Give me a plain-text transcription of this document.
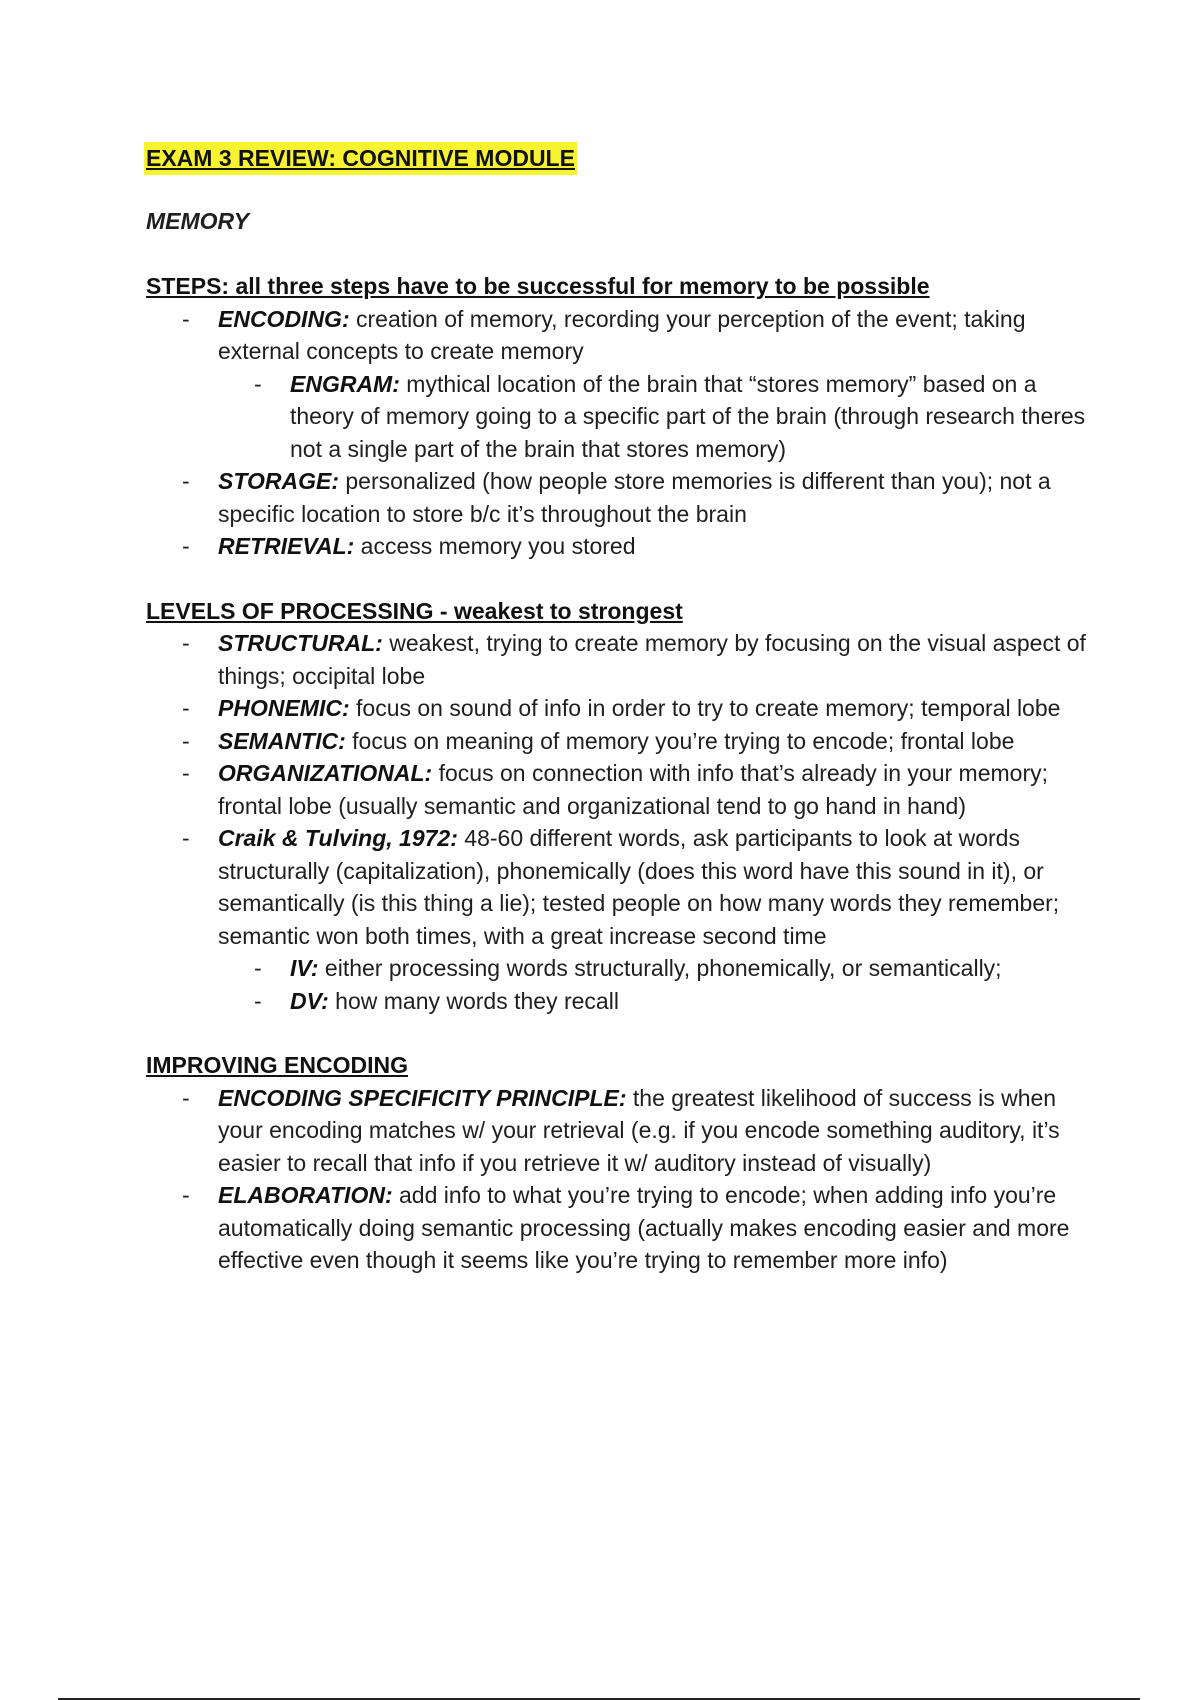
EXAM 3 REVIEW: COGNITIVE MODULE
MEMORY
STEPS: all three steps have to be successful for memory to be possible
- ENCODING: creation of memory, recording your perception of the event; taking external concepts to create memory
- ENGRAM: mythical location of the brain that “stores memory” based on a theory of memory going to a specific part of the brain (through research theres not a single part of the brain that stores memory)
- STORAGE: personalized (how people store memories is different than you); not a specific location to store b/c it’s throughout the brain
- RETRIEVAL: access memory you stored
LEVELS OF PROCESSING - weakest to strongest
- STRUCTURAL: weakest, trying to create memory by focusing on the visual aspect of things; occipital lobe
- PHONEMIC: focus on sound of info in order to try to create memory; temporal lobe
- SEMANTIC: focus on meaning of memory you’re trying to encode; frontal lobe
- ORGANIZATIONAL: focus on connection with info that’s already in your memory; frontal lobe (usually semantic and organizational tend to go hand in hand)
- Craik & Tulving, 1972: 48-60 different words, ask participants to look at words structurally (capitalization), phonemically (does this word have this sound in it), or semantically (is this thing a lie); tested people on how many words they remember; semantic won both times, with a great increase second time
- IV: either processing words structurally, phonemically, or semantically;
- DV: how many words they recall
IMPROVING ENCODING
- ENCODING SPECIFICITY PRINCIPLE: the greatest likelihood of success is when your encoding matches w/ your retrieval (e.g. if you encode something auditory, it’s easier to recall that info if you retrieve it w/ auditory instead of visually)
- ELABORATION: add info to what you’re trying to encode; when adding info you’re automatically doing semantic processing (actually makes encoding easier and more effective even though it seems like you’re trying to remember more info)
